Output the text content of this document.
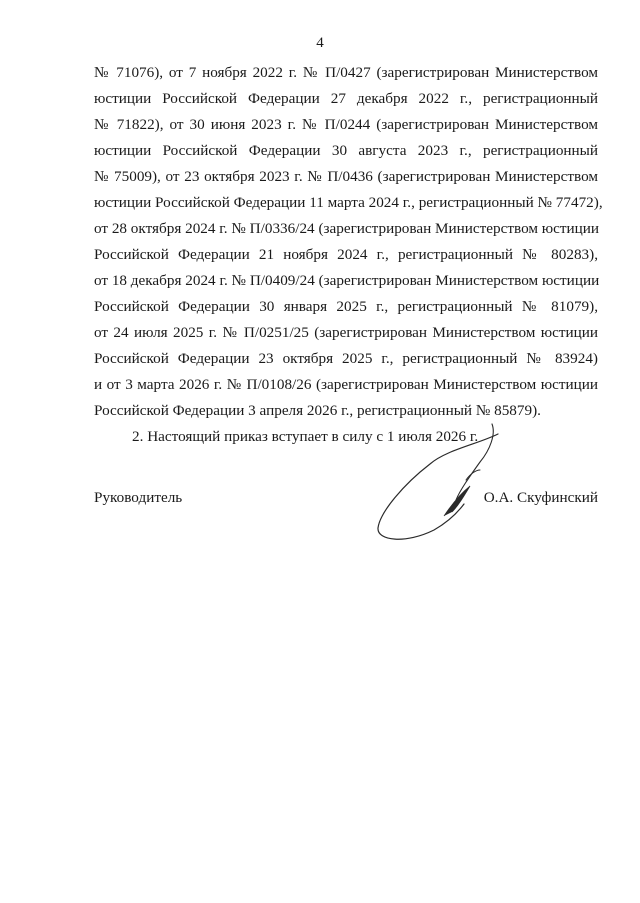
4
№ 71076), от 7 ноября 2022 г. № П/0427 (зарегистрирован Министерством
юстиции Российской Федерации 27 декабря 2022 г., регистрационный
№ 71822), от 30 июня 2023 г. № П/0244 (зарегистрирован Министерством
юстиции Российской Федерации 30 августа 2023 г., регистрационный
№ 75009), от 23 октября 2023 г. № П/0436 (зарегистрирован Министерством
юстиции Российской Федерации 11 марта 2024 г., регистрационный № 77472),
от 28 октября 2024 г. № П/0336/24 (зарегистрирован Министерством юстиции
Российской Федерации 21 ноября 2024 г., регистрационный № 80283),
от 18 декабря 2024 г. № П/0409/24 (зарегистрирован Министерством юстиции
Российской Федерации 30 января 2025 г., регистрационный № 81079),
от 24 июля 2025 г. № П/0251/25 (зарегистрирован Министерством юстиции
Российской Федерации 23 октября 2025 г., регистрационный № 83924)
и от 3 марта 2026 г. № П/0108/26 (зарегистрирован Министерством юстиции
Российской Федерации 3 апреля 2026 г., регистрационный № 85879).
2. Настоящий приказ вступает в силу с 1 июля 2026 г.
Руководитель	О.А. Скуфинский
